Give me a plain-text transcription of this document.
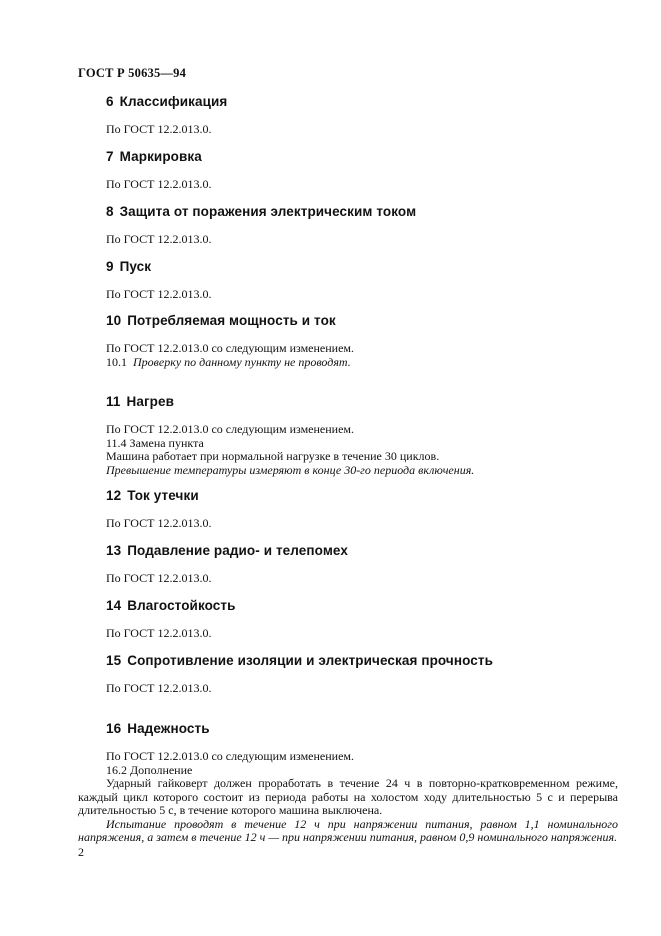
ГОСТ Р 50635—94
6 Классификация

По ГОСТ 12.2.013.0.

7 Маркировка

По ГОСТ 12.2.013.0.

8 Защита от поражения электрическим током

По ГОСТ 12.2.013.0.

9 Пуск

По ГОСТ 12.2.013.0.

10 Потребляемая мощность и ток

По ГОСТ 12.2.013.0 со следующим изменением.

10.1 Проверку по данному пункту не проводят.

11 Нагрев

По ГОСТ 12.2.013.0 со следующим изменением.

11.4 Замена пункта

Машина работает при нормальной нагрузке в течение 30 циклов.

Превышение температуры измеряют в конце 30-го периода включения.

12 Ток утечки

По ГОСТ 12.2.013.0.

13 Подавление радио- и телепомех

По ГОСТ 12.2.013.0.

14 Влагостойкость

По ГОСТ 12.2.013.0.

15 Сопротивление изоляции и электрическая прочность

По ГОСТ 12.2.013.0.

16 Надежность

По ГОСТ 12.2.013.0 со следующим изменением.

16.2 Дополнение

Ударный гайковерт должен проработать в течение 24 ч в повторно-кратковременном режиме, каждый цикл которого состоит из периода работы на холостом ходу длительностью 5 с и перерыва длительностью 5 с, в течение которого машина выключена.

Испытание проводят в течение 12 ч при напряжении питания, равном 1,1 номинального напряжения, а затем в течение 12 ч — при напряжении питания, равном 0,9 номинального напряжения.

2
